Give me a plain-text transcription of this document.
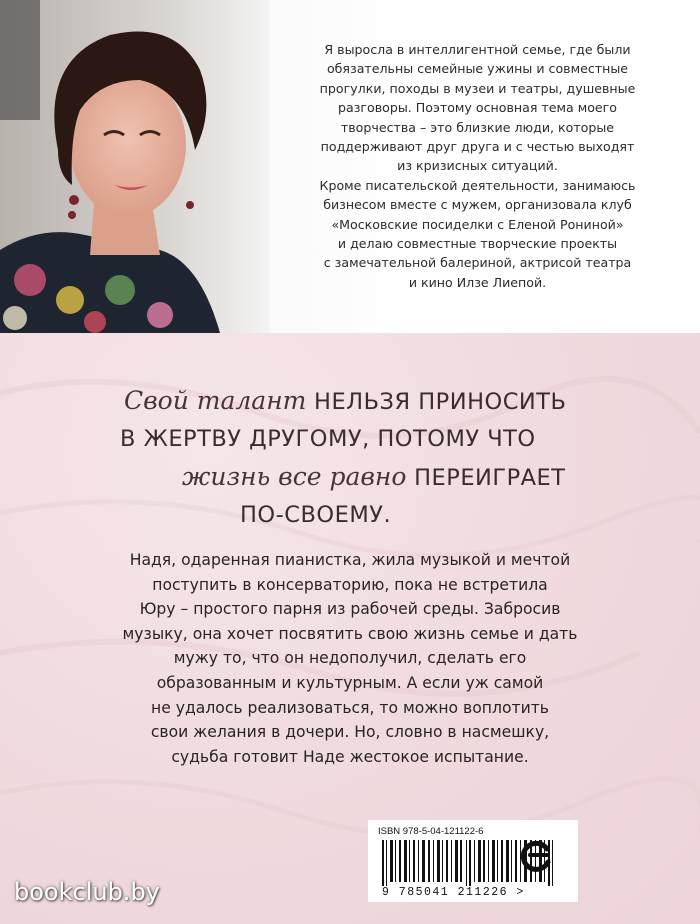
Я выросла в интеллигентной семье, где были

обязательны семейные ужины и совместные

прогулки, походы в музеи и театры, душевные

разговоры. Поэтому основная тема моего

творчества – это близкие люди, которые

поддерживают друг друга и с честью выходят

из кризисных ситуаций.

Кроме писательской деятельности, занимаюсь

бизнесом вместе с мужем, организовала клуб

«Московские посиделки с Еленой Рониной»

и делаю совместные творческие проекты

с замечательной балериной, актрисой театра

и кино Илзе Лиепой.

Свой талант НЕЛЬЗЯ ПРИНОСИТЬ
В ЖЕРТВУ ДРУГОМУ, ПОТОМУ ЧТО
жизнь все равно ПЕРЕИГРАЕТ
ПО-СВОЕМУ.

Надя, одаренная пианистка, жила музыкой и мечтой

поступить в консерваторию, пока не встретила

Юру – простого парня из рабочей среды. Забросив

музыку, она хочет посвятить свою жизнь семье и дать

мужу то, что он недополучил, сделать его

образованным и культурным. А если уж самой

не удалось реализоваться, то можно воплотить

свои желания в дочери. Но, словно в насмешку,

судьба готовит Наде жестокое испытание.

ISBN 978-5-04-121122-6
9 785041 211226 >
bookclub.by
